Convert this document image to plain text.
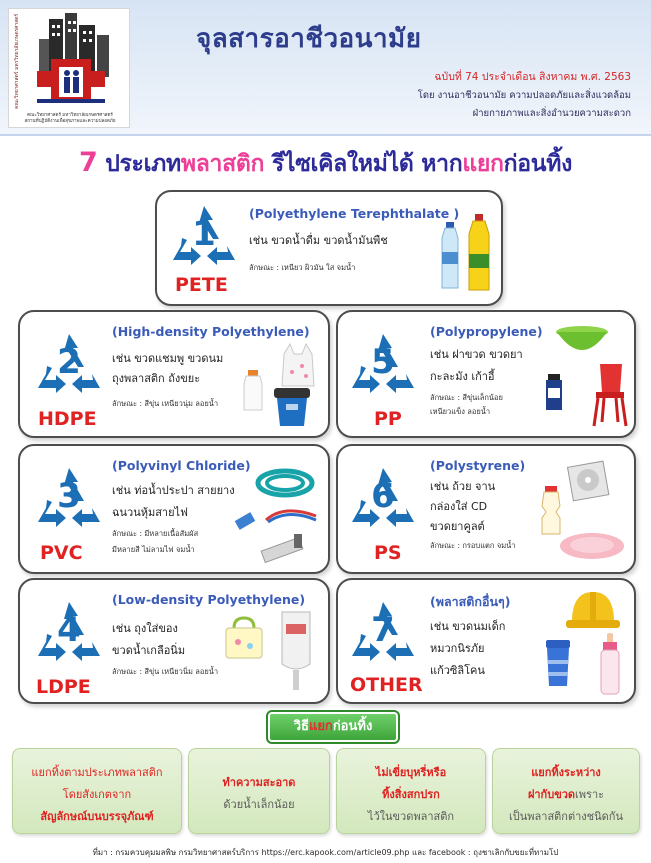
คณะวิทยาศาสตร์ มหาวิทยาลัยเกษตรศาสตร์
คณะวิทยาศาสตร์ มหาวิทยาลัยเกษตรศาสตร์
สถานที่ปฏิบัติงานเพื่อสุขภาพและความปลอดภัย
จุลสารอาชีวอนามัย
ฉบับที่ 74 ประจำเดือน สิงหาคม พ.ศ. 2563
โดย งานอาชีวอนามัย ความปลอดภัยและสิ่งแวดล้อม
ฝ่ายกายภาพและสิ่งอำนวยความสะดวก
7 ประเภทพลาสติก รีไซเคิลใหม่ได้ หากแยกก่อนทิ้ง
1
PETE
(Polyethylene Terephthalate )
เช่น ขวดน้ำดื่ม ขวดน้ำมันพืช
ลักษณะ : เหนียว ผิวมัน ใส จมน้ำ
2
HDPE
(High-density Polyethylene)
เช่น ขวดแชมพู ขวดนม
ถุงพลาสติก ถังขยะ
ลักษณะ : สีขุ่น เหนียวนุ่ม ลอยน้ำ
5
PP
(Polypropylene)
เช่น ฝาขวด ขวดยา
กะละมัง เก้าอี้
ลักษณะ : สีขุ่นเล็กน้อย
เหนียวแข็ง ลอยน้ำ
3
PVC
(Polyvinyl Chloride)
เช่น ท่อน้ำประปา สายยาง
ฉนวนหุ้มสายไฟ
ลักษณะ : มีหลายเนื้อสัมผัส
มีหลายสี ไม่ลามไฟ จมน้ำ
6
PS
(Polystyrene)
เช่น ถ้วย จาน
กล่องใส่ CD
ขวดยาคูลต์
ลักษณะ : กรอบแตก จมน้ำ
4
LDPE
(Low-density Polyethylene)
เช่น ถุงใส่ของ
ขวดน้ำเกลือนิ่ม
ลักษณะ : สีขุ่น เหนียวนิ่ม ลอยน้ำ
7
OTHER
(พลาสติกอื่นๆ)
เช่น ขวดนมเด็ก
หมวกนิรภัย
แก้วซิลิโคน
วิธีแยกก่อนทิ้ง
แยกทิ้งตามประเภทพลาสติก
โดยสังเกตจาก
สัญลักษณ์บนบรรจุภัณฑ์
ทำความสะอาด
ด้วยน้ำเล็กน้อย
ไม่เขี่ยบุหรี่หรือ
ทิ้งสิ่งสกปรก
ไว้ในขวดพลาสติก
แยกทิ้งระหว่าง
ฝากับขวดเพราะ
เป็นพลาสติกต่างชนิดกัน
ที่มา : กรมควบคุมมลพิษ กรมวิทยาศาสตร์บริการ https://erc.kapook.com/article09.php และ facebook : ถุงชาเลิกกับขยะที่ทามโป
